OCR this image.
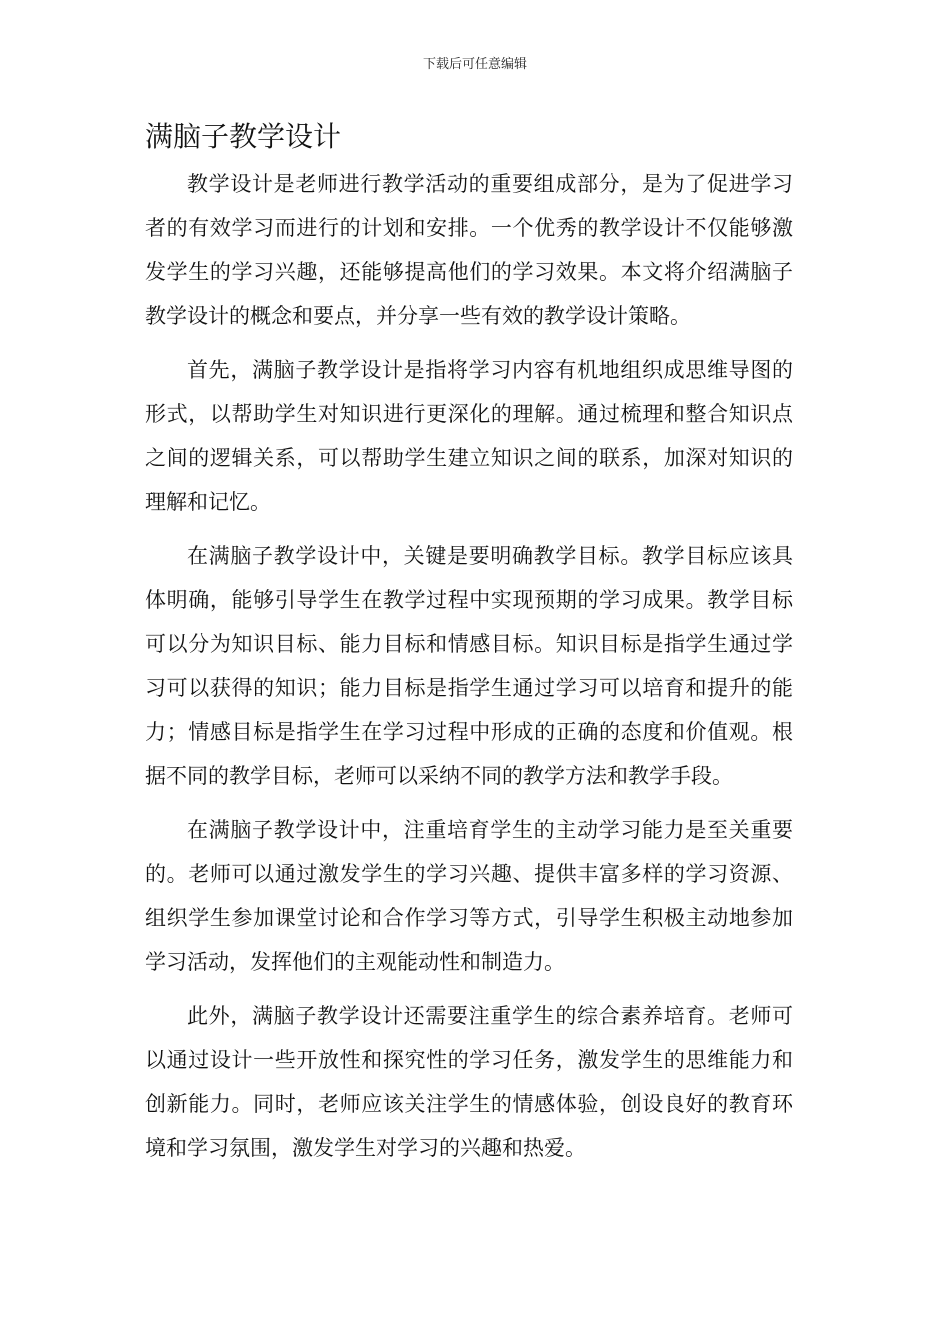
下载后可任意编辑
满脑子教学设计

教学设计是老师进行教学活动的重要组成部分，是为了促进学习者的有效学习而进行的计划和安排。一个优秀的教学设计不仅能够激发学生的学习兴趣，还能够提高他们的学习效果。本文将介绍满脑子教学设计的概念和要点，并分享一些有效的教学设计策略。

首先，满脑子教学设计是指将学习内容有机地组织成思维导图的形式，以帮助学生对知识进行更深化的理解。通过梳理和整合知识点之间的逻辑关系，可以帮助学生建立知识之间的联系，加深对知识的理解和记忆。

在满脑子教学设计中，关键是要明确教学目标。教学目标应该具体明确，能够引导学生在教学过程中实现预期的学习成果。教学目标可以分为知识目标、能力目标和情感目标。知识目标是指学生通过学习可以获得的知识；能力目标是指学生通过学习可以培育和提升的能力；情感目标是指学生在学习过程中形成的正确的态度和价值观。根据不同的教学目标，老师可以采纳不同的教学方法和教学手段。

在满脑子教学设计中，注重培育学生的主动学习能力是至关重要的。老师可以通过激发学生的学习兴趣、提供丰富多样的学习资源、组织学生参加课堂讨论和合作学习等方式，引导学生积极主动地参加学习活动，发挥他们的主观能动性和制造力。

此外，满脑子教学设计还需要注重学生的综合素养培育。老师可以通过设计一些开放性和探究性的学习任务，激发学生的思维能力和创新能力。同时，老师应该关注学生的情感体验，创设良好的教育环境和学习氛围，激发学生对学习的兴趣和热爱。
